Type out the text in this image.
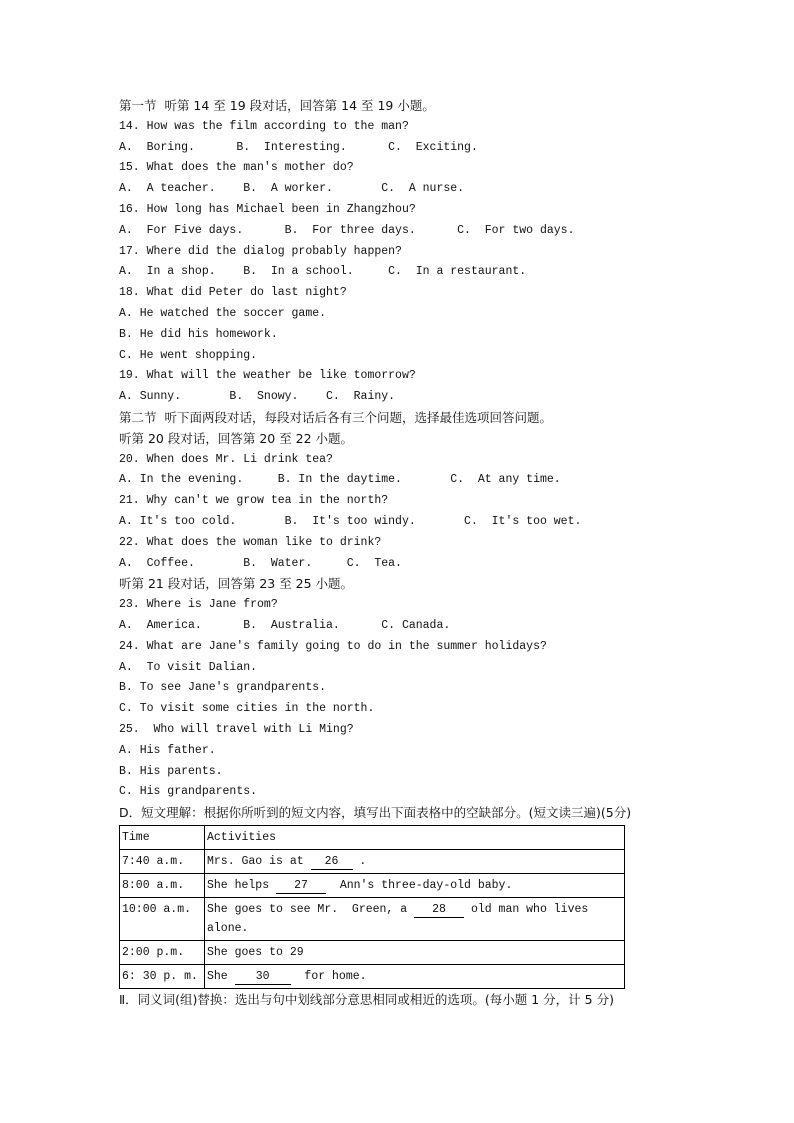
第一节  听第 14 至 19 段对话，回答第 14 至 19 小题。
14. How was the film according to the man?
A.  Boring.      B.  Interesting.      C.  Exciting.
15. What does the man's mother do?
A.  A teacher.    B.  A worker.       C.  A nurse.
16. How long has Michael been in Zhangzhou?
A.  For Five days.      B.  For three days.      C.  For two days.
17. Where did the dialog probably happen?
A.  In a shop.    B.  In a school.     C.  In a restaurant.
18. What did Peter do last night?
A. He watched the soccer game.
B. He did his homework.
C. He went shopping.
19. What will the weather be like tomorrow?
A. Sunny.       B.  Snowy.    C.  Rainy.
第二节  听下面两段对话，每段对话后各有三个问题，选择最佳选项回答问题。
听第 20 段对话，回答第 20 至 22 小题。
20. When does Mr. Li drink tea?
A. In the evening.     B. In the daytime.       C.  At any time.
21. Why can't we grow tea in the north?
A. It's too cold.       B.  It's too windy.       C.  It's too wet.
22. What does the woman like to drink?
A.  Coffee.       B.  Water.     C.  Tea.
听第 21 段对话，回答第 23 至 25 小题。
23. Where is Jane from?
A.  America.      B.  Australia.      C. Canada.
24. What are Jane's family going to do in the summer holidays?
A.  To visit Dalian.
B. To see Jane's grandparents.
C. To visit some cities in the north.
25.  Who will travel with Li Ming?
A. His father.
B. His parents.
C. His grandparents.
D．短文理解：根据你所听到的短文内容，填写出下面表格中的空缺部分。(短文读三遍)(5分)
Time	Activities
7:40 a.m.	Mrs. Gao is at 26 .
8:00 a.m.	She helps 27  Ann's three-day-old baby.
10:00 a.m.	She goes to see Mr.  Green, a 28 old man who lives alone.
2:00 p.m.	She goes to 29
6: 30 p. m.	She 30  for home.
Ⅱ．同义词(组)替换：选出与句中划线部分意思相同或相近的选项。(每小题 1 分，计 5 分)
